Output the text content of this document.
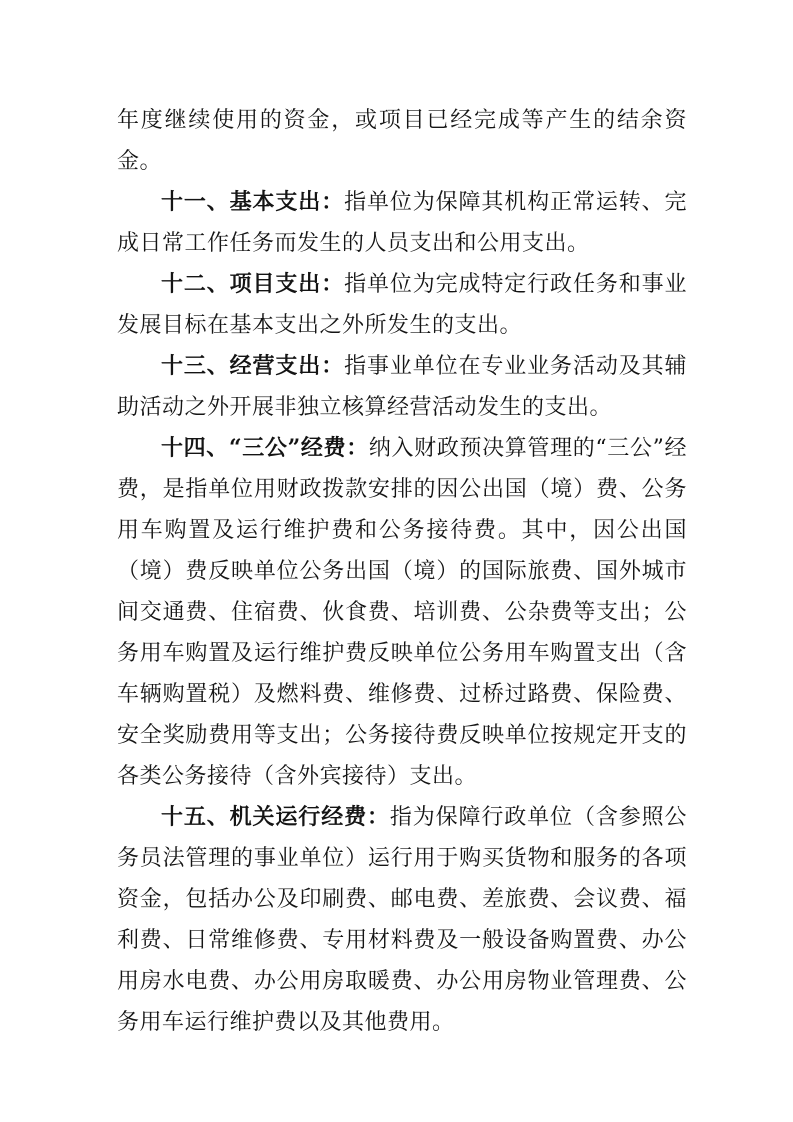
年度继续使用的资金，或项目已经完成等产生的结余资金。

十一、基本支出：指单位为保障其机构正常运转、完成日常工作任务而发生的人员支出和公用支出。

十二、项目支出：指单位为完成特定行政任务和事业发展目标在基本支出之外所发生的支出。

十三、经营支出：指事业单位在专业业务活动及其辅助活动之外开展非独立核算经营活动发生的支出。

十四、“三公”经费：纳入财政预决算管理的“三公”经费，是指单位用财政拨款安排的因公出国（境）费、公务用车购置及运行维护费和公务接待费。其中，因公出国（境）费反映单位公务出国（境）的国际旅费、国外城市间交通费、住宿费、伙食费、培训费、公杂费等支出；公务用车购置及运行维护费反映单位公务用车购置支出（含车辆购置税）及燃料费、维修费、过桥过路费、保险费、安全奖励费用等支出；公务接待费反映单位按规定开支的各类公务接待（含外宾接待）支出。

十五、机关运行经费：指为保障行政单位（含参照公务员法管理的事业单位）运行用于购买货物和服务的各项资金，包括办公及印刷费、邮电费、差旅费、会议费、福利费、日常维修费、专用材料费及一般设备购置费、办公用房水电费、办公用房取暖费、办公用房物业管理费、公务用车运行维护费以及其他费用。
